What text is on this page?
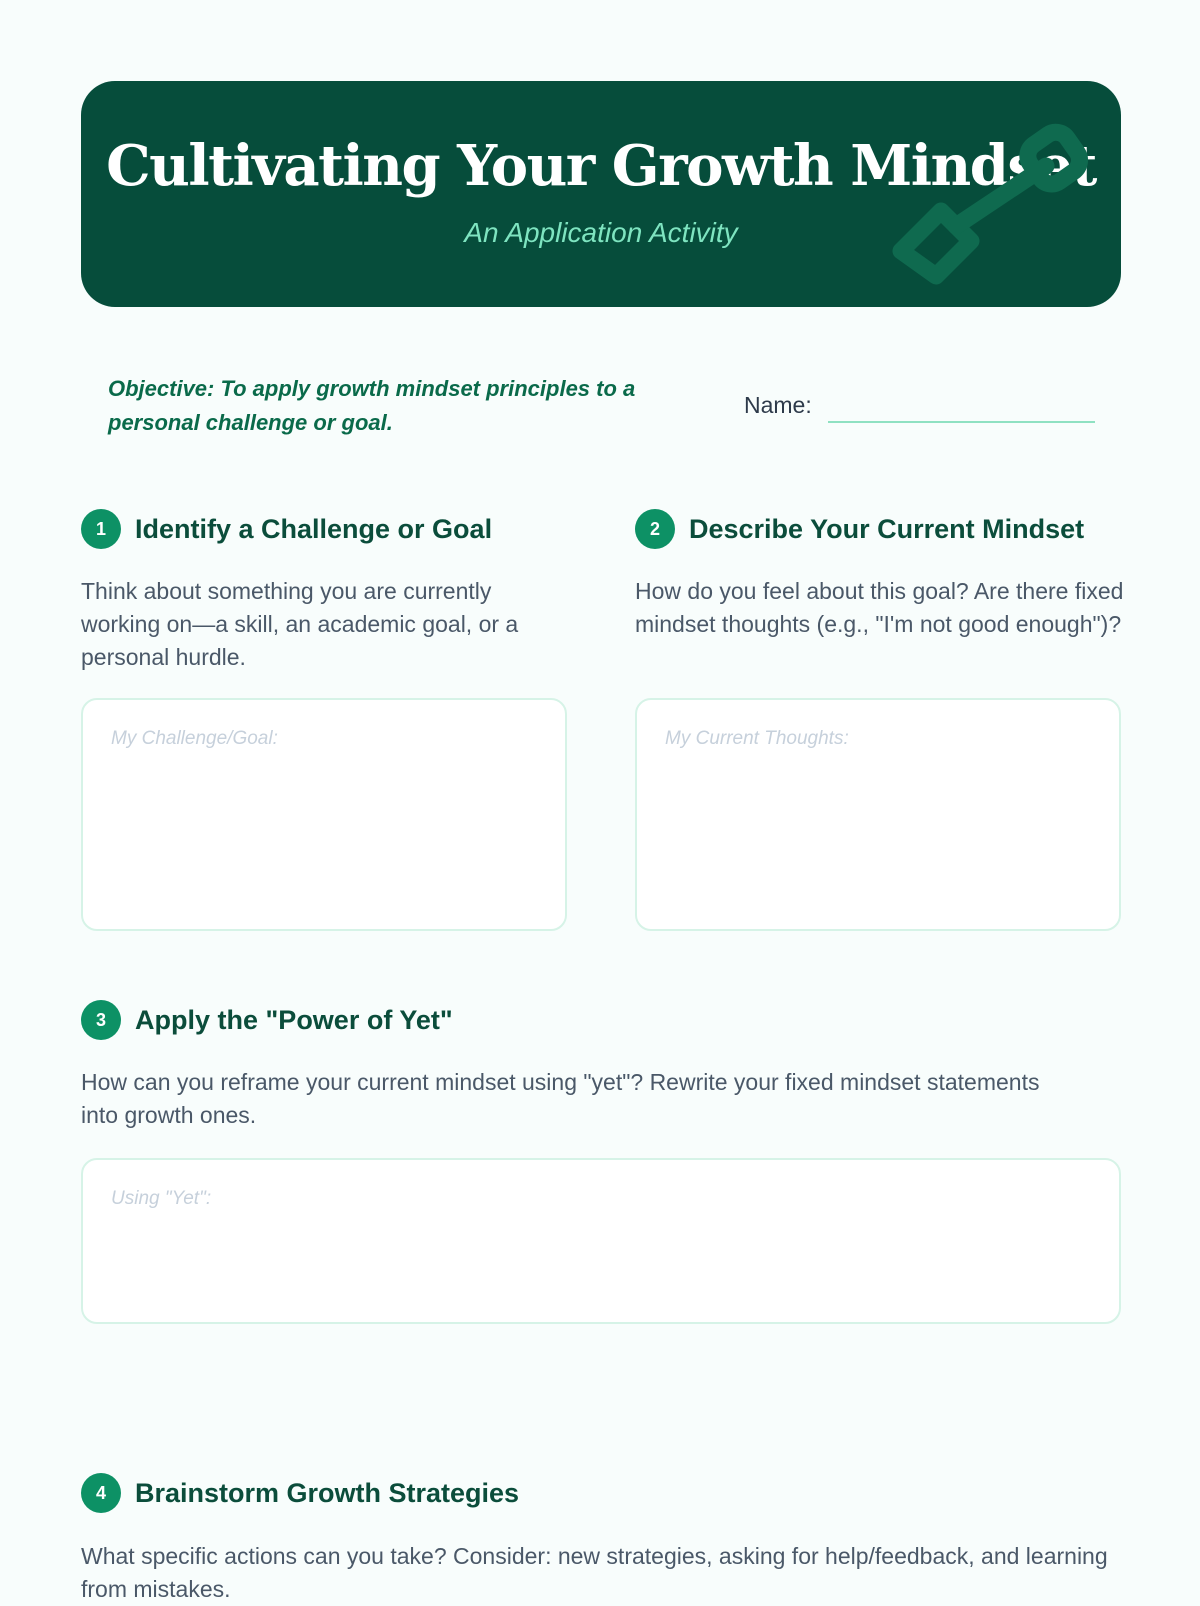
Cultivating Your Growth Mindset

An Application Activity

Objective: To apply growth mindset principles to a personal challenge or goal.

Name:
1	Identify a Challenge or Goal

Think about something you are currently working on—a skill, an academic goal, or a personal hurdle.

My Challenge/Goal:
2	Describe Your Current Mindset

How do you feel about this goal? Are there fixed mindset thoughts (e.g., "I'm not good enough")?

My Current Thoughts:
3	Apply the "Power of Yet"

How can you reframe your current mindset using "yet"? Rewrite your fixed mindset statements into growth ones.

Using "Yet":
4	Brainstorm Growth Strategies

What specific actions can you take? Consider: new strategies, asking for help/feedback, and learning from mistakes.
